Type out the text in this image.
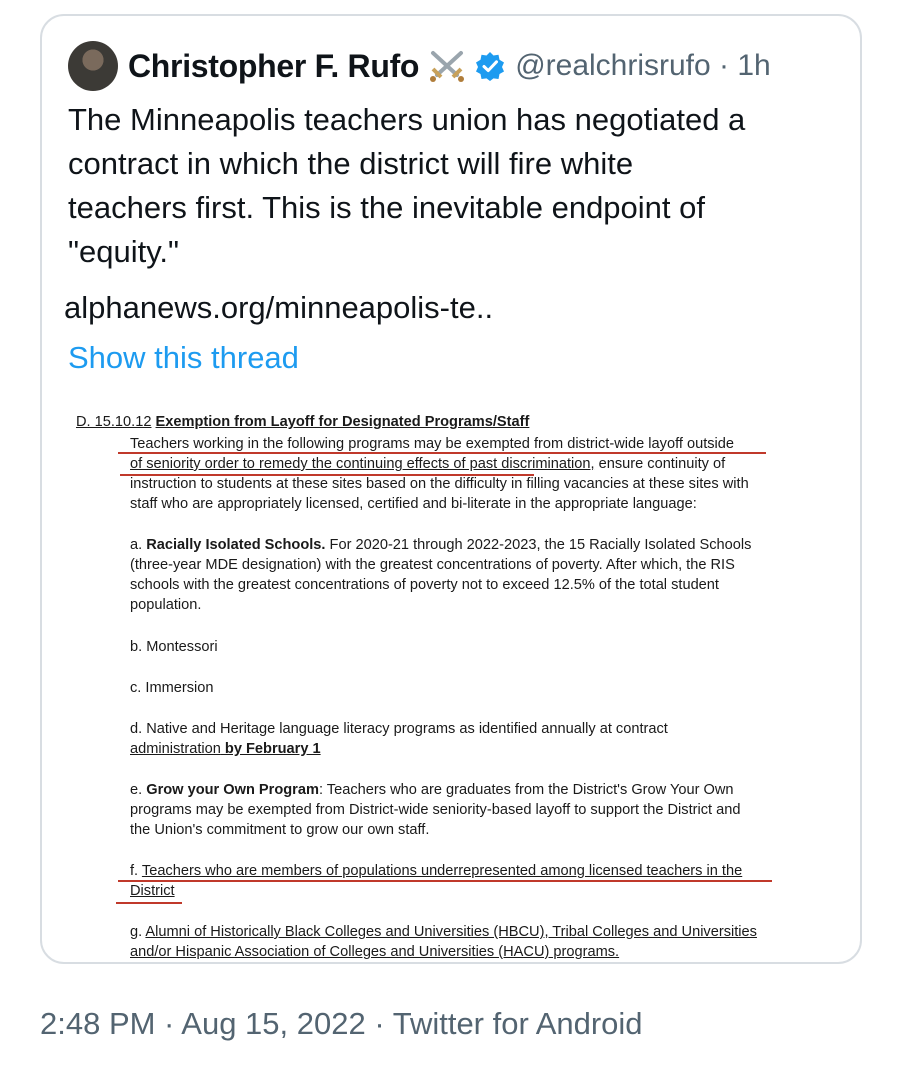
Christopher F. Rufo	@realchrisrufo · 1h
The Minneapolis teachers union has negotiated a
contract in which the district will fire white
teachers first. This is the inevitable endpoint of
"equity."
alphanews.org/minneapolis-te..
Show this thread
D. 15.10.12 Exemption from Layoff for Designated Programs/Staff
Teachers working in the following programs may be exempted from district-wide layoff outside
of seniority order to remedy the continuing effects of past discrimination, ensure continuity of
instruction to students at these sites based on the difficulty in filling vacancies at these sites with
staff who are appropriately licensed, certified and bi-literate in the appropriate language:
a. Racially Isolated Schools. For 2020-21 through 2022-2023, the 15 Racially Isolated Schools
(three-year MDE designation) with the greatest concentrations of poverty. After which, the RIS
schools with the greatest concentrations of poverty not to exceed 12.5% of the total student
population.
b. Montessori
c. Immersion
d. Native and Heritage language literacy programs as identified annually at contract
administration by February 1
e. Grow your Own Program: Teachers who are graduates from the District's Grow Your Own
programs may be exempted from District-wide seniority-based layoff to support the District and
the Union's commitment to grow our own staff.
f. Teachers who are members of populations underrepresented among licensed teachers in the
District
g. Alumni of Historically Black Colleges and Universities (HBCU), Tribal Colleges and Universities
and/or Hispanic Association of Colleges and Universities (HACU) programs.
2:48 PM · Aug 15, 2022 · Twitter for Android
